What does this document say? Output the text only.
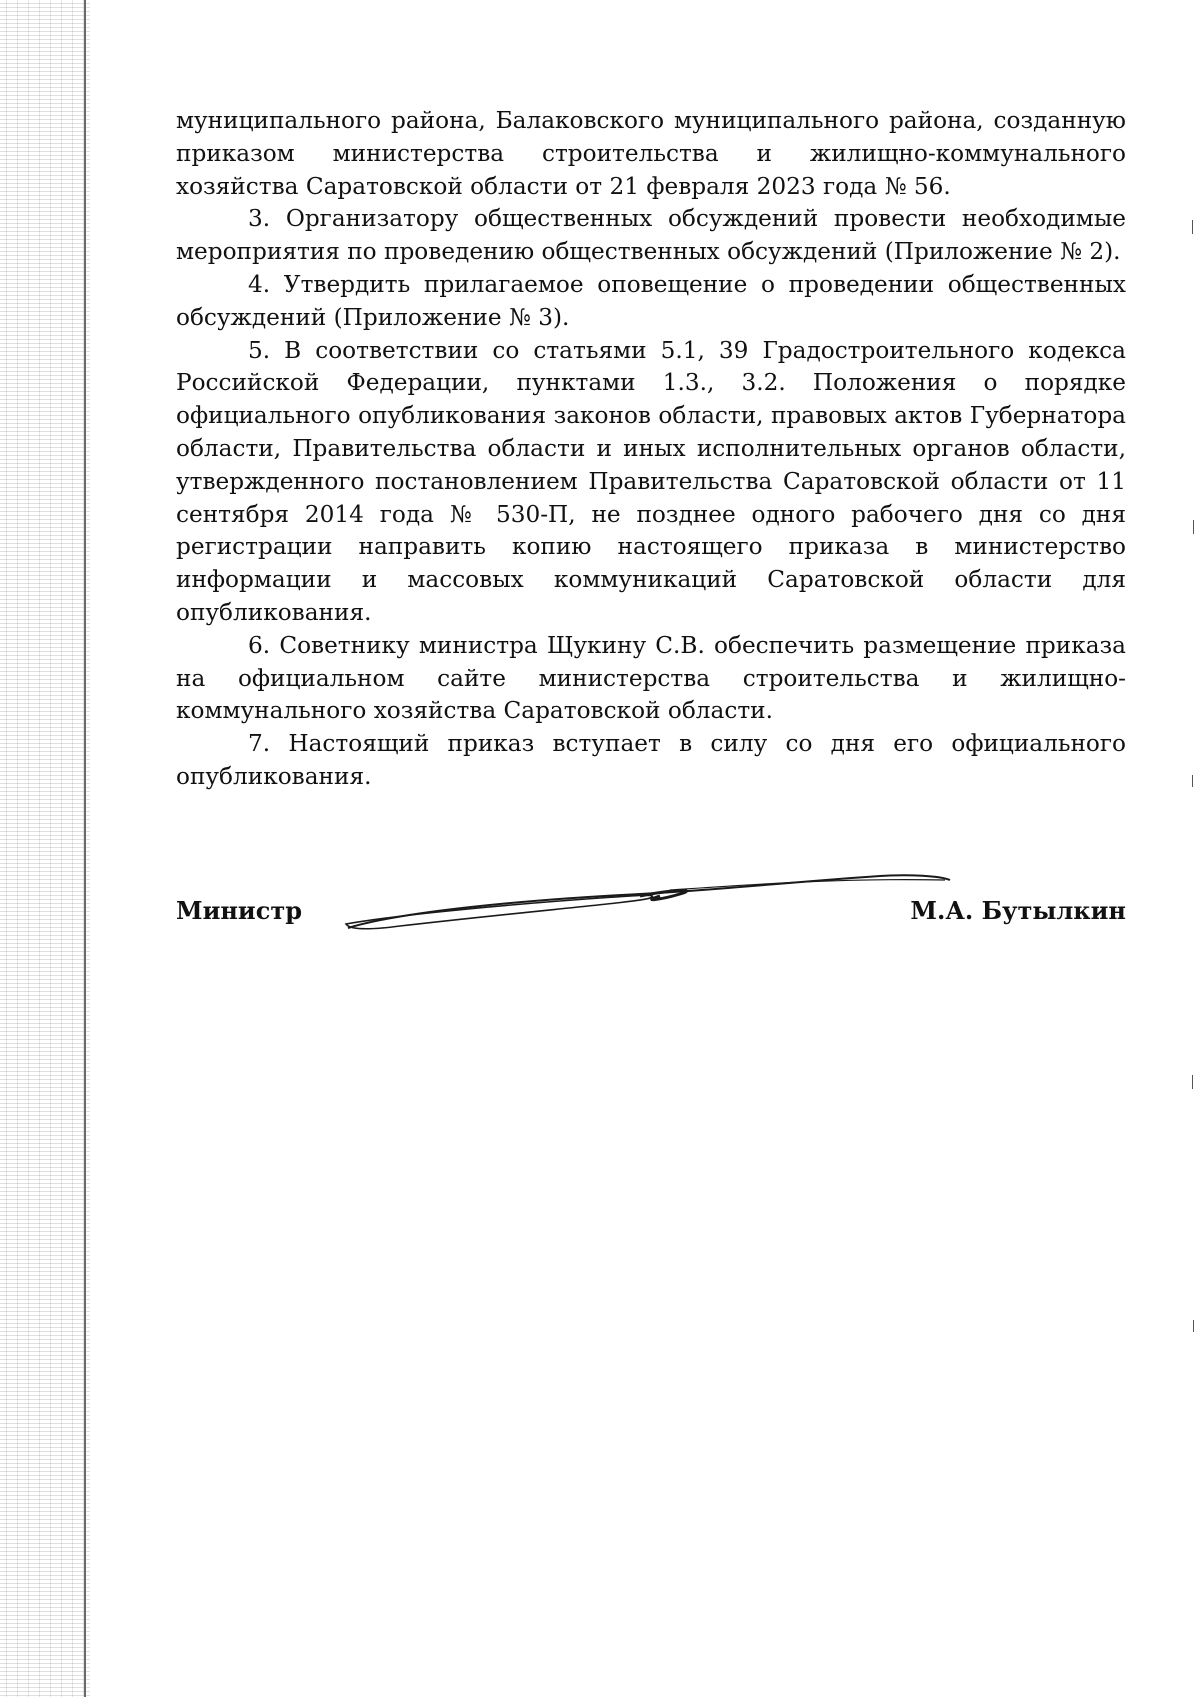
муниципального района, Балаковского муниципального района, созданную приказом министерства строительства и жилищно-коммунального хозяйства Саратовской области от 21 февраля 2023 года № 56.

3. Организатору общественных обсуждений провести необходимые мероприятия по проведению общественных обсуждений (Приложение № 2).

4. Утвердить прилагаемое оповещение о проведении общественных обсуждений (Приложение № 3).

5. В соответствии со статьями 5.1, 39 Градостроительного кодекса Российской Федерации, пунктами 1.3., 3.2. Положения о порядке официального опубликования законов области, правовых актов Губернатора области, Правительства области и иных исполнительных органов области, утвержденного постановлением Правительства Саратовской области от 11 сентября 2014 года № 530-П, не позднее одного рабочего дня со дня регистрации направить копию настоящего приказа в министерство информации и массовых коммуникаций Саратовской области для опубликования.

6. Советнику министра Щукину С.В. обеспечить размещение приказа на официальном сайте министерства строительства и жилищно-коммунального хозяйства Саратовской области.

7. Настоящий приказ вступает в силу со дня его официального опубликования.

Министр	М.А. Бутылкин
